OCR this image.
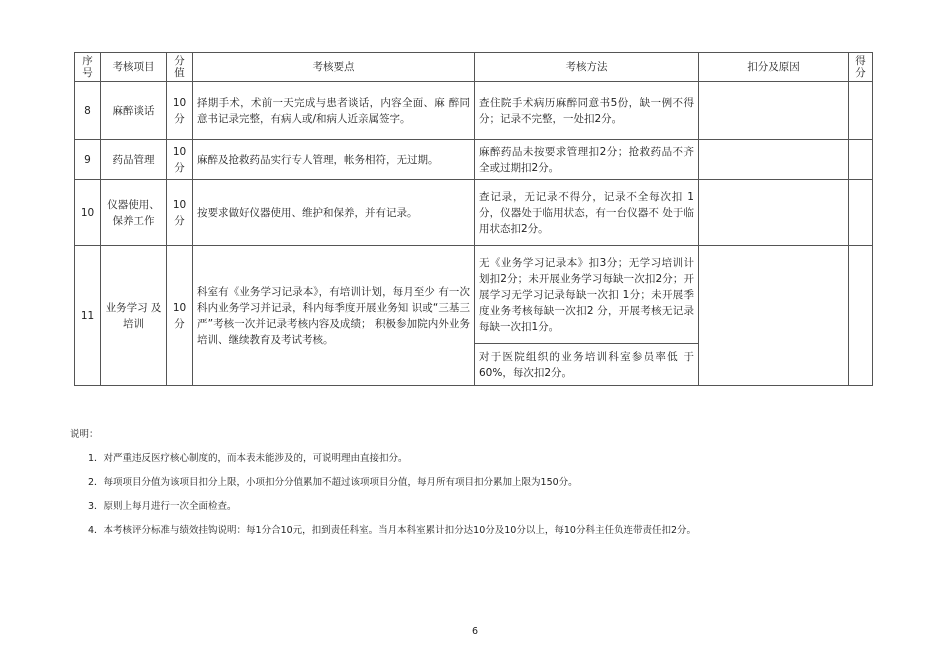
序号	考核项目	分值	考核要点	考核方法	扣分及原因	得分
8	麻醉谈话	10分	择期手术，术前一天完成与患者谈话，内容全面、麻 醉同意书记录完整，有病人或/和病人近亲属签字。	查住院手术病历麻醉同意书5份，缺一例不得分；记录不完整，一处扣2分。		
9	药品管理	10分	麻醉及抢救药品实行专人管理，帐务相符，无过期。	麻醉药品未按要求管理扣2分；抢救药品不齐全或过期扣2分。		
10	仪器使用、保养工作	10分	按要求做好仪器使用、维护和保养，并有记录。	查记录，无记录不得分，记录不全每次扣 1分，仪器处于临用状态，有一台仪器不 处于临用状态扣2分。		
11	业务学习 及培训	10分	科室有《业务学习记录本》，有培训计划，每月至少 有一次科内业务学习并记录，科内每季度开展业务知 识或“三基三严”考核一次并记录考核内容及成绩； 积极参加院内外业务培训、继续教育及考试考核。	无《业务学习记录本》扣3分；无学习培训计划扣2分；未开展业务学习每缺一次扣2分；开展学习无学习记录每缺一次扣 1分；未开展季度业务考核每缺一次扣2 分，开展考核无记录每缺一次扣1分。		
				对于医院组织的业务培训科室参员率低 于60%，每次扣2分。		
说明：
1．对严重违反医疗核心制度的，而本表未能涉及的，可说明理由直接扣分。
2．每项项目分值为该项目扣分上限，小项扣分分值累加不超过该项项目分值，每月所有项目扣分累加上限为150分。
3．原则上每月进行一次全面检查。
4．本考核评分标准与绩效挂钩说明：每1分合10元，扣到责任科室。当月本科室累计扣分达10分及10分以上，每10分科主任负连带责任扣2分。
6
